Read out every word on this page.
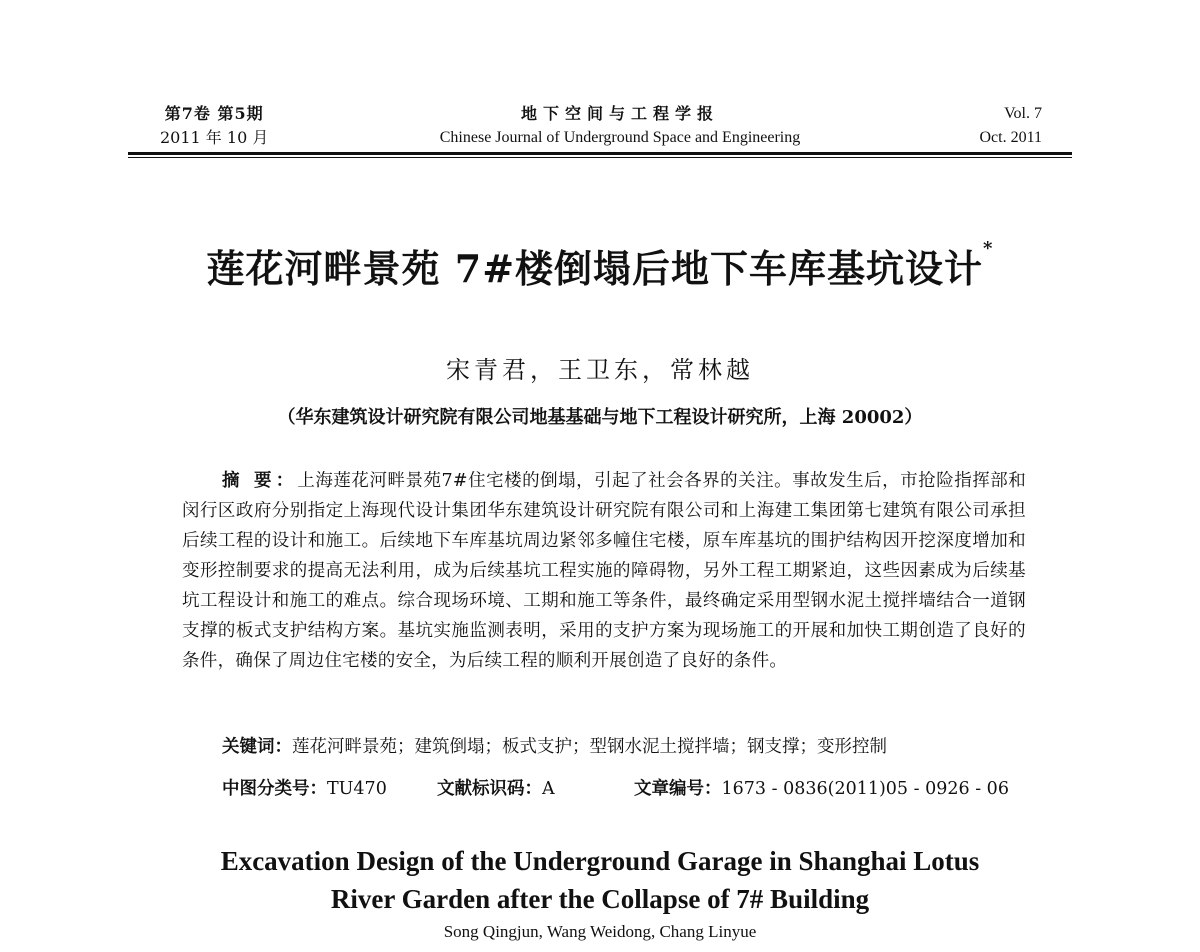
第7卷 第5期
2011 年 10 月
地下空间与工程学报
Chinese Journal of Underground Space and Engineering
Vol. 7
Oct. 2011
莲花河畔景苑 7#楼倒塌后地下车库基坑设计*
宋青君，王卫东，常林越
（华东建筑设计研究院有限公司地基基础与地下工程设计研究所，上海 20002）
摘 要：上海莲花河畔景苑7#住宅楼的倒塌，引起了社会各界的关注。事故发生后，市抢险指挥部和闵行区政府分别指定上海现代设计集团华东建筑设计研究院有限公司和上海建工集团第七建筑有限公司承担后续工程的设计和施工。后续地下车库基坑周边紧邻多幢住宅楼，原车库基坑的围护结构因开挖深度增加和变形控制要求的提高无法利用，成为后续基坑工程实施的障碍物，另外工程工期紧迫，这些因素成为后续基坑工程设计和施工的难点。综合现场环境、工期和施工等条件，最终确定采用型钢水泥土搅拌墙结合一道钢支撑的板式支护结构方案。基坑实施监测表明，采用的支护方案为现场施工的开展和加快工期创造了良好的条件，确保了周边住宅楼的安全，为后续工程的顺利开展创造了良好的条件。
关键词：莲花河畔景苑；建筑倒塌；板式支护；型钢水泥土搅拌墙；钢支撑；变形控制
中图分类号：TU470	文献标识码：A	文章编号：1673 - 0836(2011)05 - 0926 - 06
Excavation Design of the Underground Garage in Shanghai Lotus
River Garden after the Collapse of 7# Building
Song Qingjun, Wang Weidong, Chang Linyue
